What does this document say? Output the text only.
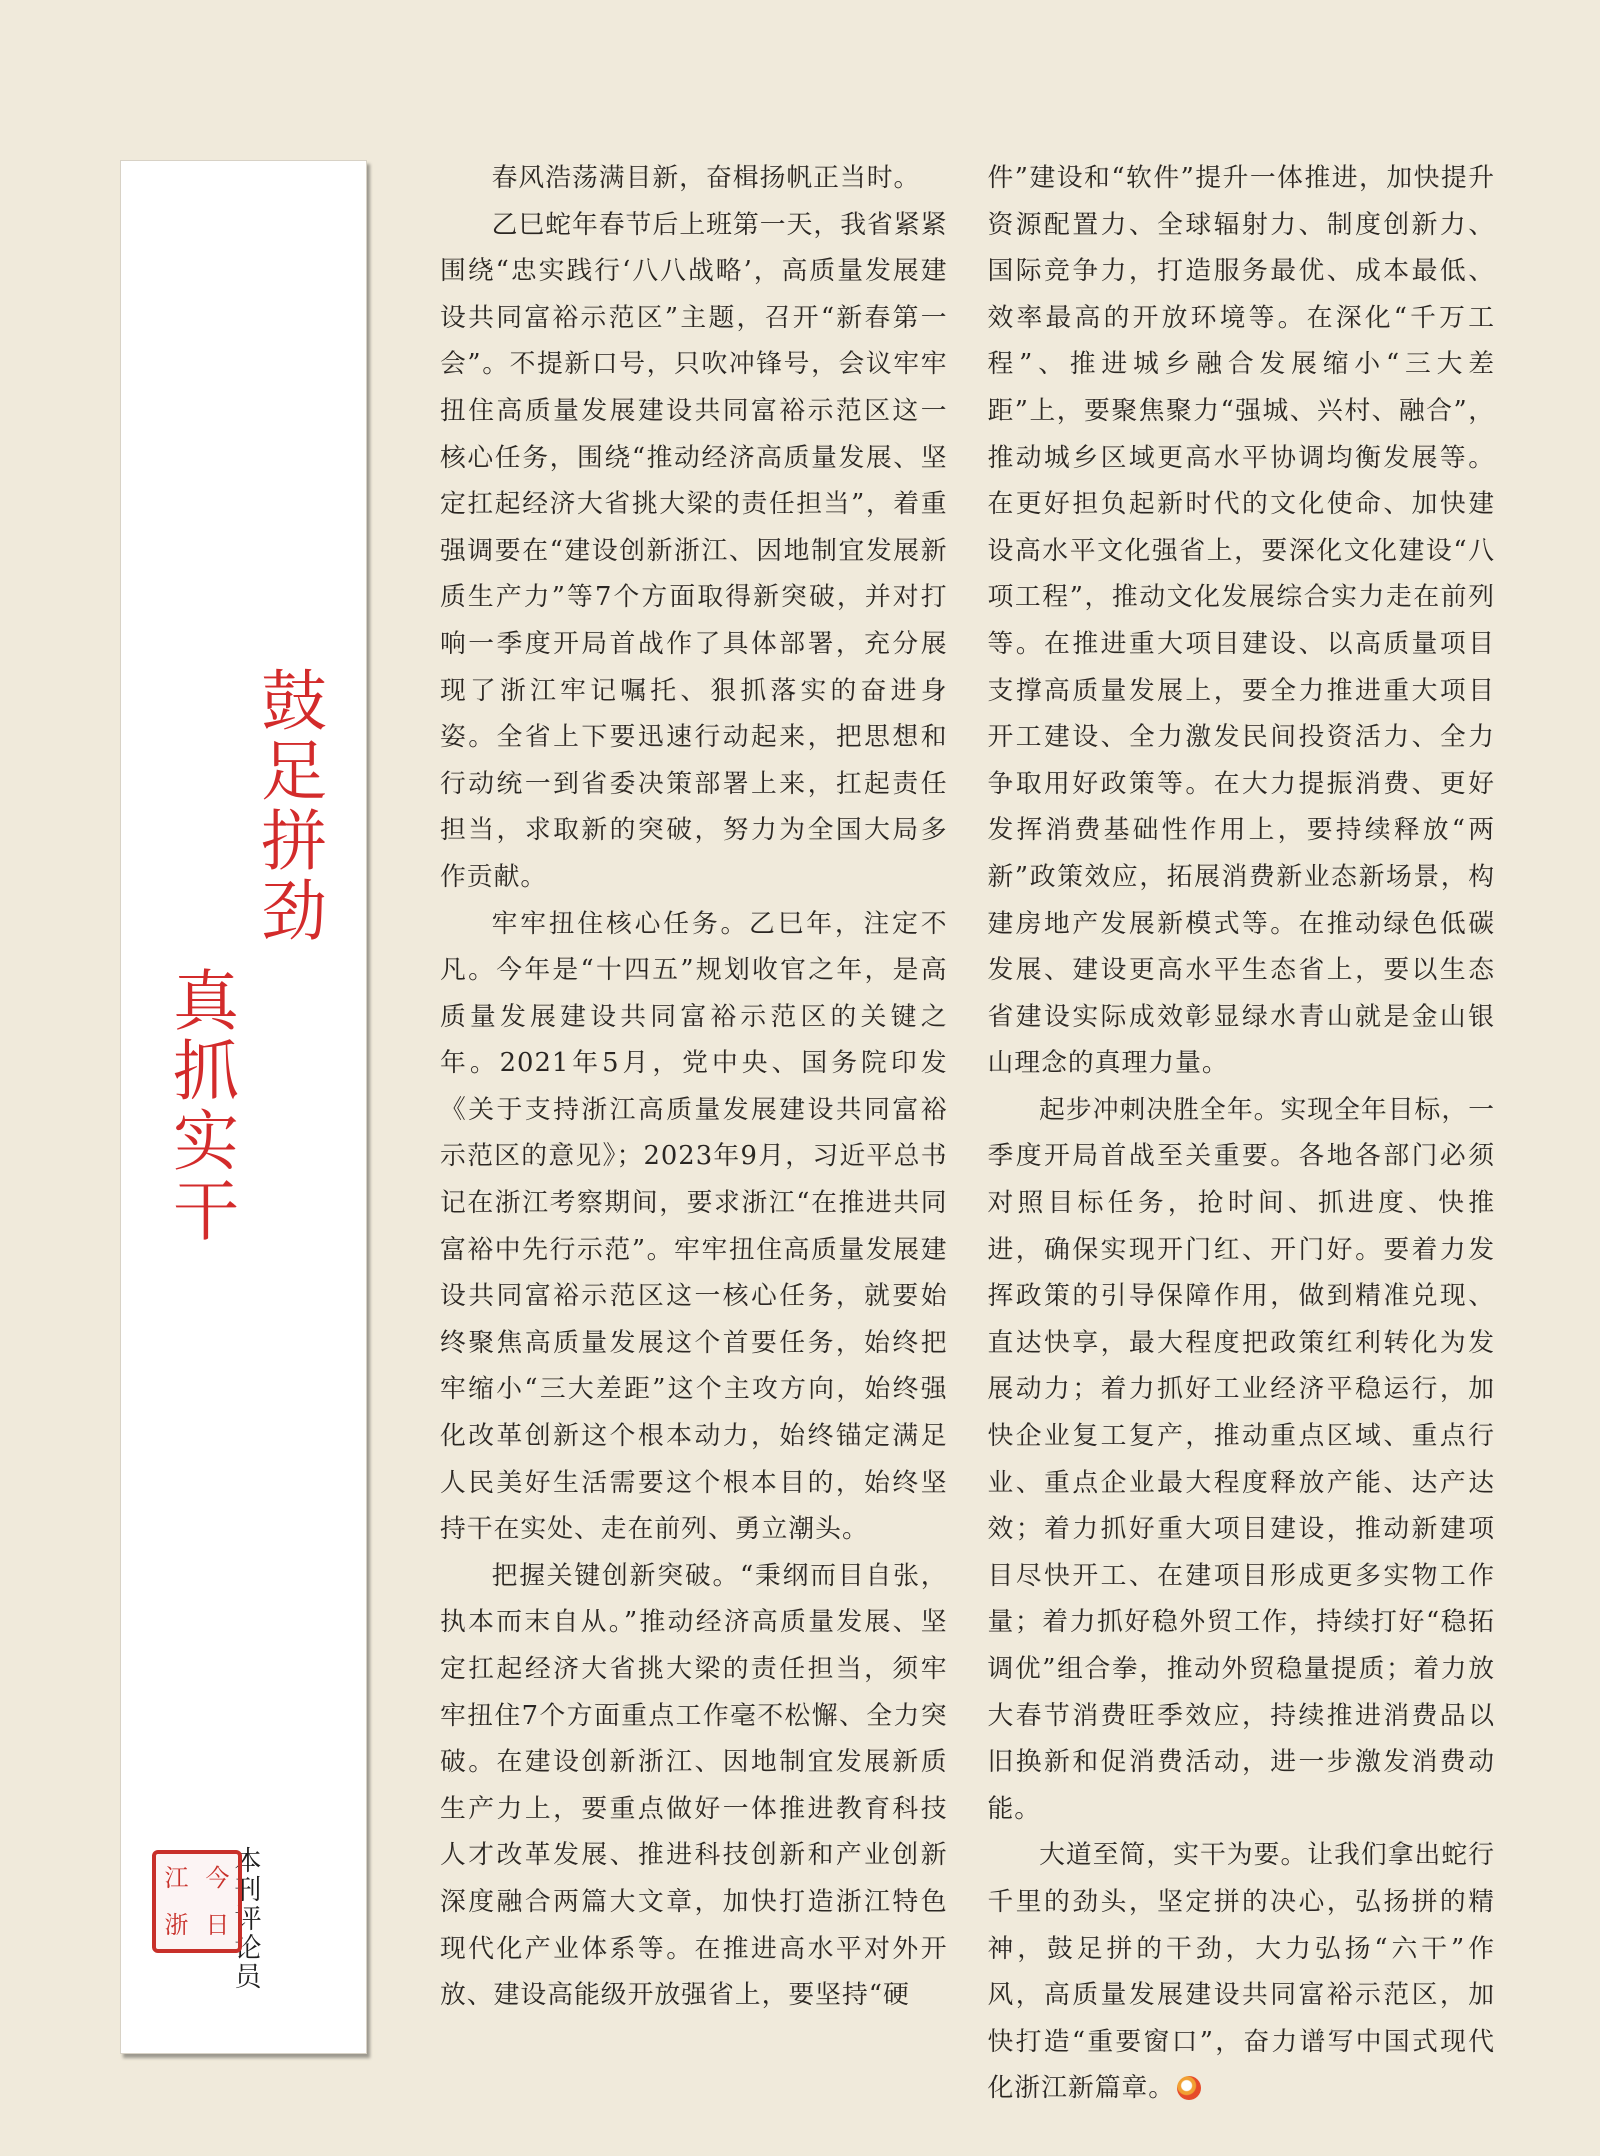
鼓足拼劲
真抓实干
本刊评论员
江 今
浙 日

春风浩荡满目新，奋楫扬帆正当时。

乙巳蛇年春节后上班第一天，我省紧紧围绕“忠实践行‘八八战略’，高质量发展建设共同富裕示范区”主题，召开“新春第一会”。不提新口号，只吹冲锋号，会议牢牢扭住高质量发展建设共同富裕示范区这一核心任务，围绕“推动经济高质量发展、坚定扛起经济大省挑大梁的责任担当”，着重强调要在“建设创新浙江、因地制宜发展新质生产力”等7个方面取得新突破，并对打响一季度开局首战作了具体部署，充分展现了浙江牢记嘱托、狠抓落实的奋进身姿。全省上下要迅速行动起来，把思想和行动统一到省委决策部署上来，扛起责任担当，求取新的突破，努力为全国大局多作贡献。

牢牢扭住核心任务。乙巳年，注定不凡。今年是“十四五”规划收官之年，是高质量发展建设共同富裕示范区的关键之年。2021年5月，党中央、国务院印发《关于支持浙江高质量发展建设共同富裕示范区的意见》；2023年9月，习近平总书记在浙江考察期间，要求浙江“在推进共同富裕中先行示范”。牢牢扭住高质量发展建设共同富裕示范区这一核心任务，就要始终聚焦高质量发展这个首要任务，始终把牢缩小“三大差距”这个主攻方向，始终强化改革创新这个根本动力，始终锚定满足人民美好生活需要这个根本目的，始终坚持干在实处、走在前列、勇立潮头。

把握关键创新突破。“秉纲而目自张，执本而末自从。”推动经济高质量发展、坚定扛起经济大省挑大梁的责任担当，须牢牢扭住7个方面重点工作毫不松懈、全力突破。在建设创新浙江、因地制宜发展新质生产力上，要重点做好一体推进教育科技人才改革发展、推进科技创新和产业创新深度融合两篇大文章，加快打造浙江特色现代化产业体系等。在推进高水平对外开放、建设高能级开放强省上，要坚持“硬

件”建设和“软件”提升一体推进，加快提升资源配置力、全球辐射力、制度创新力、国际竞争力，打造服务最优、成本最低、效率最高的开放环境等。在深化“千万工程”、推进城乡融合发展缩小“三大差距”上，要聚焦聚力“强城、兴村、融合”，推动城乡区域更高水平协调均衡发展等。在更好担负起新时代的文化使命、加快建设高水平文化强省上，要深化文化建设“八项工程”，推动文化发展综合实力走在前列等。在推进重大项目建设、以高质量项目支撑高质量发展上，要全力推进重大项目开工建设、全力激发民间投资活力、全力争取用好政策等。在大力提振消费、更好发挥消费基础性作用上，要持续释放“两新”政策效应，拓展消费新业态新场景，构建房地产发展新模式等。在推动绿色低碳发展、建设更高水平生态省上，要以生态省建设实际成效彰显绿水青山就是金山银山理念的真理力量。

起步冲刺决胜全年。实现全年目标，一季度开局首战至关重要。各地各部门必须对照目标任务，抢时间、抓进度、快推进，确保实现开门红、开门好。要着力发挥政策的引导保障作用，做到精准兑现、直达快享，最大程度把政策红利转化为发展动力；着力抓好工业经济平稳运行，加快企业复工复产，推动重点区域、重点行业、重点企业最大程度释放产能、达产达效；着力抓好重大项目建设，推动新建项目尽快开工、在建项目形成更多实物工作量；着力抓好稳外贸工作，持续打好“稳拓调优”组合拳，推动外贸稳量提质；着力放大春节消费旺季效应，持续推进消费品以旧换新和促消费活动，进一步激发消费动能。

大道至简，实干为要。让我们拿出蛇行千里的劲头，坚定拼的决心，弘扬拼的精神，鼓足拼的干劲，大力弘扬“六干”作风，高质量发展建设共同富裕示范区，加快打造“重要窗口”，奋力谱写中国式现代化浙江新篇章。
